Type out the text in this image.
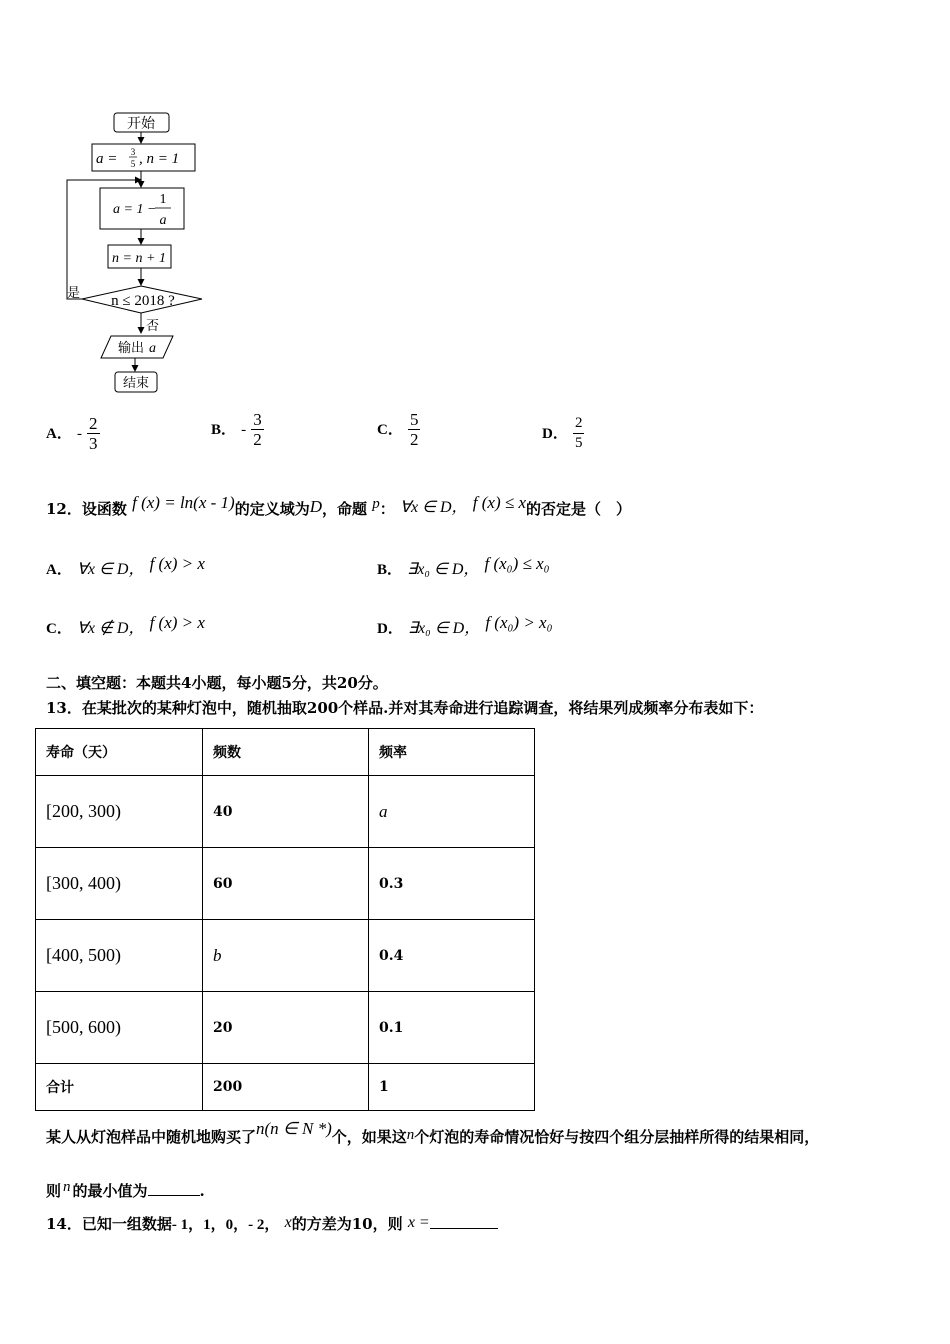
开始
a = 3
5 , n = 1
a = 1 −
1
a
n = n + 1
n ≤ 2018 ?
是
否
输出 a
结束
A． - $\frac{2}{3}$	B． - $\frac{3}{2}$	C． $\frac{5}{2}$	D． $\frac{2}{5}$
12．设函数 f (x) = ln(x - 1)的定义域为D，命题 p： ∀x ∈ D， f (x) ≤ x的否定是（　）
A． ∀x ∈ D， f (x) > x	B． ∃x₀ ∈ D， f (x₀) ≤ x₀
C． ∀x ∉ D， f (x) > x	D． ∃x₀ ∈ D， f (x₀) > x₀
二、填空题：本题共4小题，每小题5分，共20分。
13．在某批次的某种灯泡中，随机抽取200个样品.并对其寿命进行追踪调查，将结果列成频率分布表如下：
寿命（天）	频数	频率
[200, 300)	40	a
[300, 400)	60	0.3
[400, 500)	b	0.4
[500, 600)	20	0.1
合计	200	1
某人从灯泡样品中随机地购买了n(n ∈ N *)个，如果这n个灯泡的寿命情况恰好与按四个组分层抽样所得的结果相同，
则 n 的最小值为	.
14．已知一组数据- 1，1，0，- 2， x的方差为10，则 x =
